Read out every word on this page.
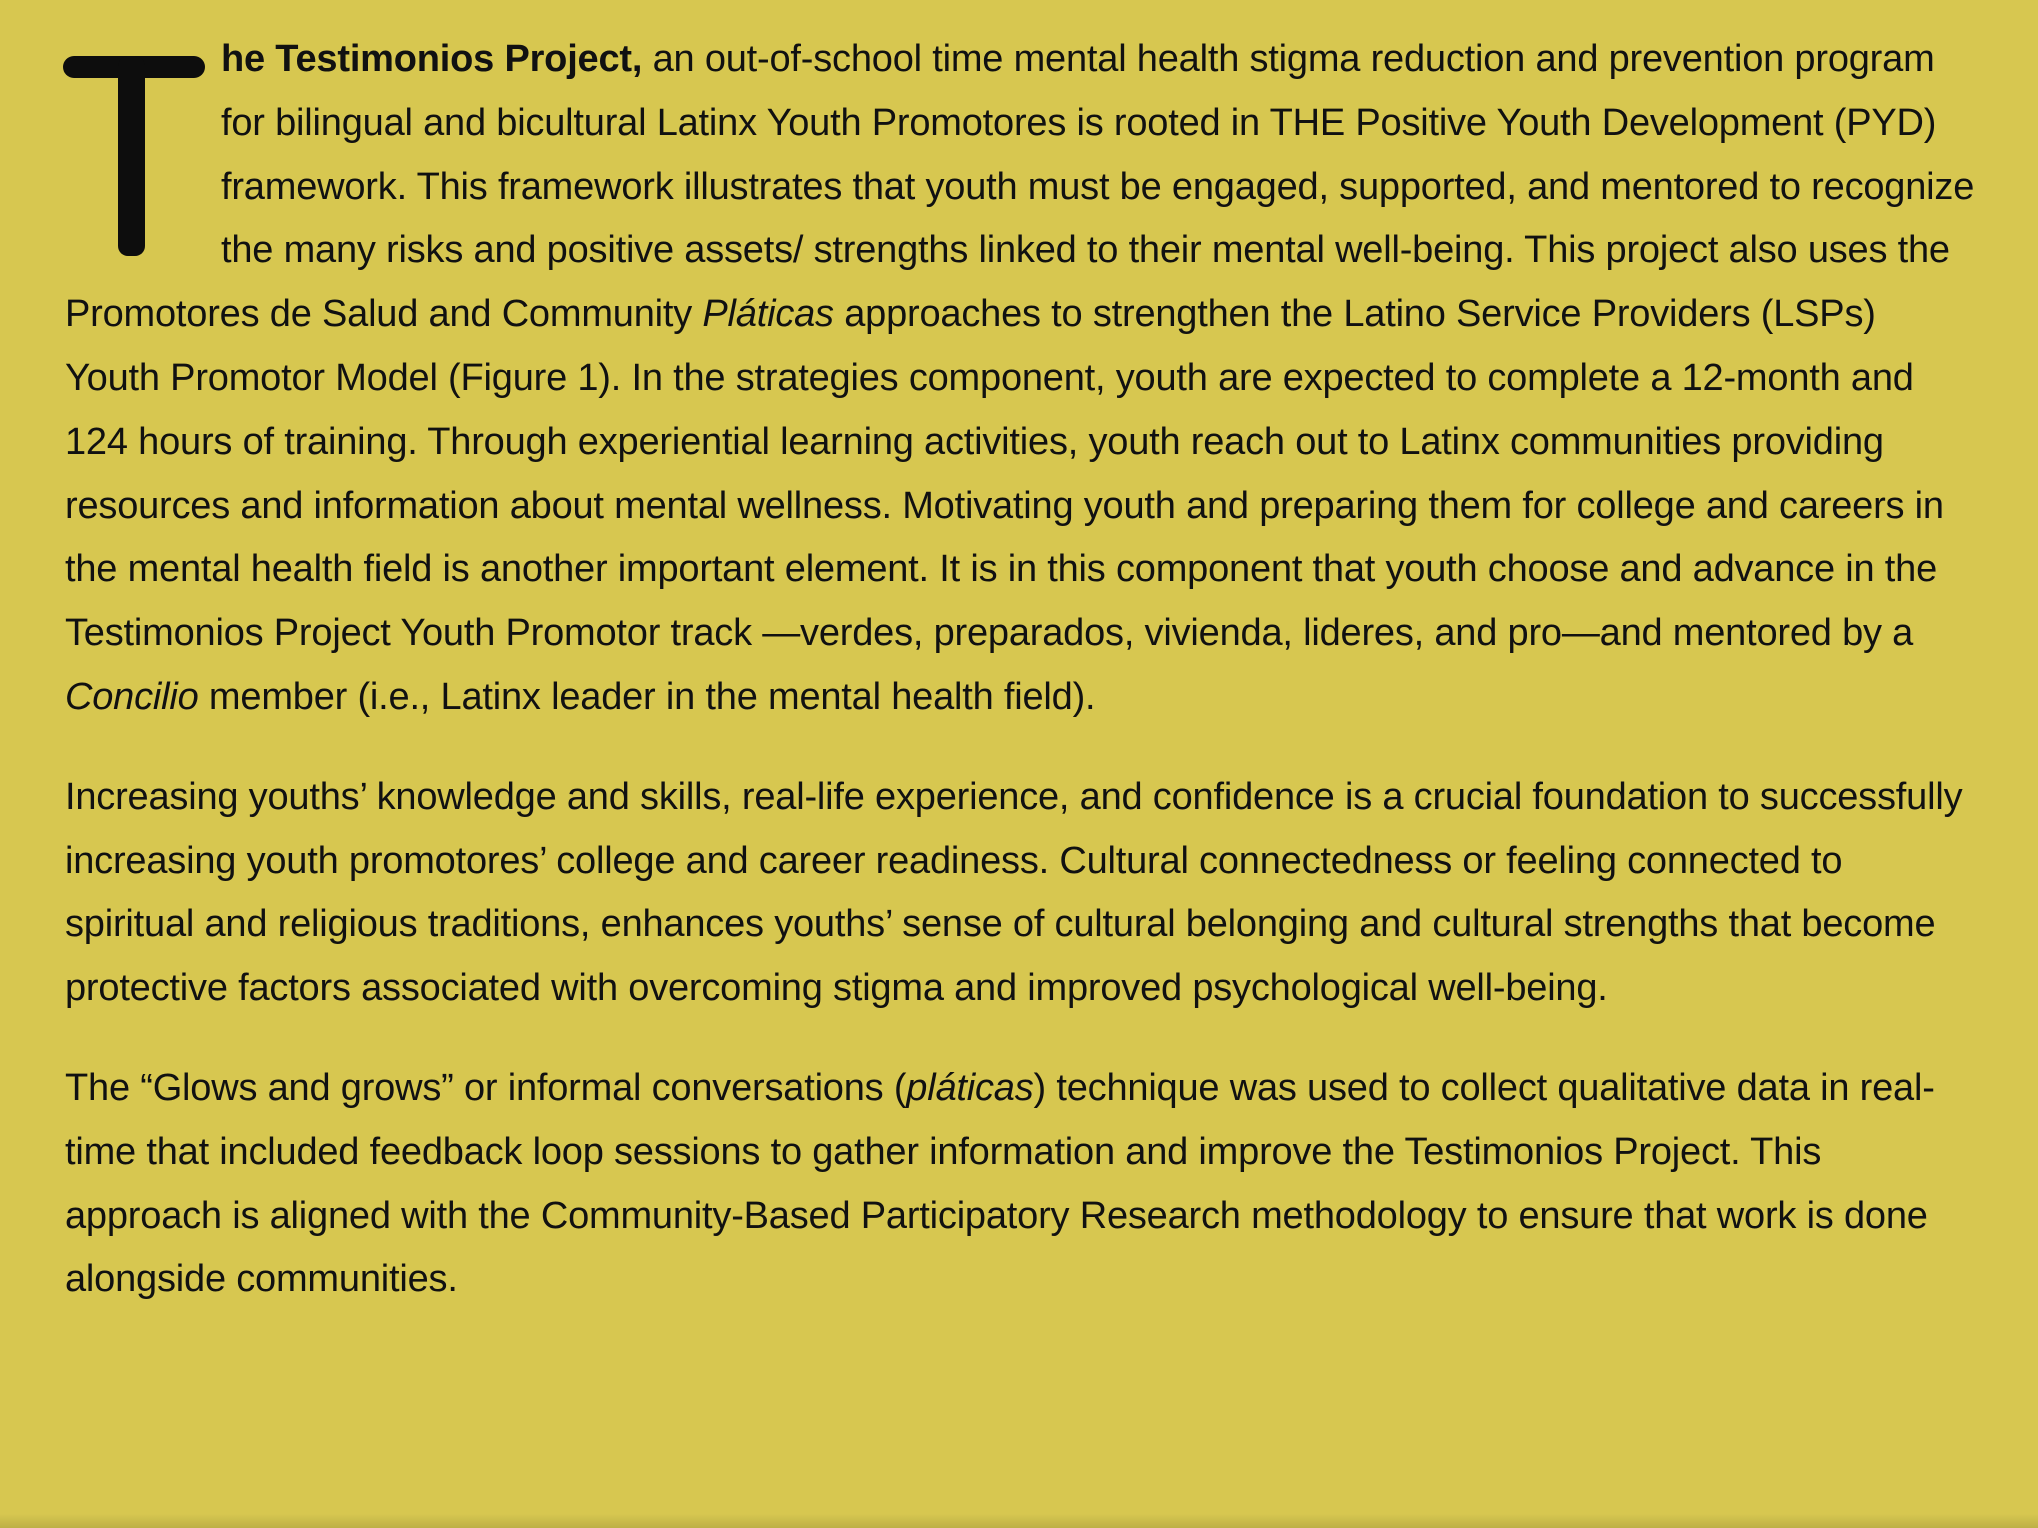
he Testimonios Project, an out-of-school time mental health stigma reduction and prevention program for bilingual and bicultural Latinx Youth Promotores is rooted in THE Positive Youth Development (PYD) framework. This framework illustrates that youth must be engaged, supported, and mentored to recognize the many risks and positive assets/ strengths linked to their mental well-being. This project also uses the Promotores de Salud and Community Pláticas approaches to strengthen the Latino Service Providers (LSPs) Youth Promotor Model (Figure 1). In the strategies component, youth are expected to complete a 12-month and 124 hours of training. Through experiential learning activities, youth reach out to Latinx communities providing resources and information about mental wellness. Motivating youth and preparing them for college and careers in the mental health field is another important element. It is in this component that youth choose and advance in the Testimonios Project Youth Promotor track —verdes, preparados, vivienda, lideres, and pro—and mentored by a Concilio member (i.e., Latinx leader in the mental health field).

Increasing youths’ knowledge and skills, real-life experience, and confidence is a crucial foundation to successfully increasing youth promotores’ college and career readiness. Cultural connectedness or feeling connected to spiritual and religious traditions, enhances youths’ sense of cultural belonging and cultural strengths that become protective factors associated with overcoming stigma and improved psychological well-being.

The “Glows and grows” or informal conversations (pláticas) technique was used to collect qualitative data in real-time that included feedback loop sessions to gather information and improve the Testimonios Project. This approach is aligned with the Community-Based Participatory Research methodology to ensure that work is done alongside communities.
